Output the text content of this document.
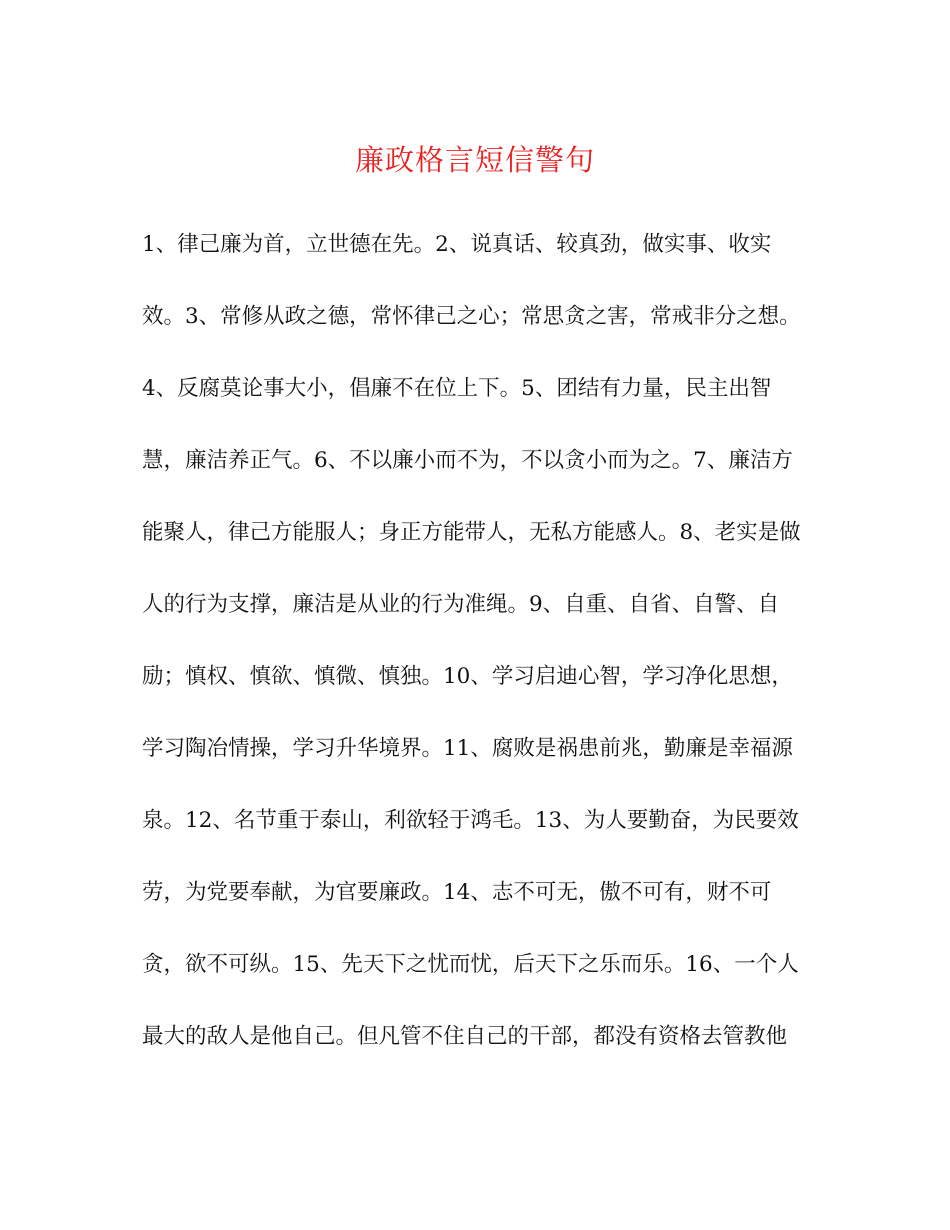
廉政格言短信警句
1、律己廉为首，立世德在先。2、说真话、较真劲，做实事、收实
效。3、常修从政之德，常怀律己之心；常思贪之害，常戒非分之想。
4、反腐莫论事大小，倡廉不在位上下。5、团结有力量，民主出智
慧，廉洁养正气。6、不以廉小而不为，不以贪小而为之。7、廉洁方
能聚人，律己方能服人；身正方能带人，无私方能感人。8、老实是做
人的行为支撑，廉洁是从业的行为准绳。9、自重、自省、自警、自
励；慎权、慎欲、慎微、慎独。10、学习启迪心智，学习净化思想，
学习陶冶情操，学习升华境界。11、腐败是祸患前兆，勤廉是幸福源
泉。12、名节重于泰山，利欲轻于鸿毛。13、为人要勤奋，为民要效
劳，为党要奉献，为官要廉政。14、志不可无，傲不可有，财不可
贪，欲不可纵。15、先天下之忧而忧，后天下之乐而乐。16、一个人
最大的敌人是他自己。但凡管不住自己的干部，都没有资格去管教他
